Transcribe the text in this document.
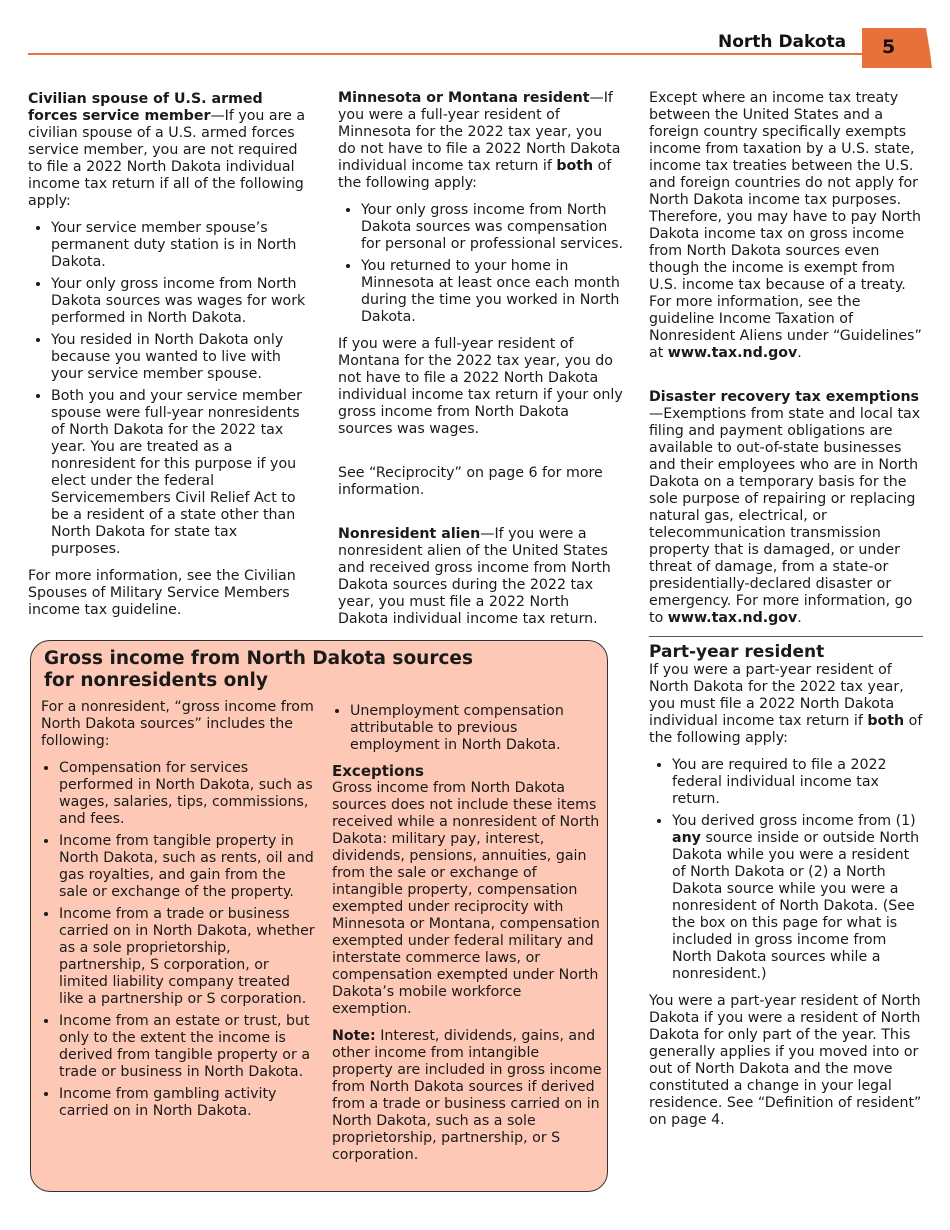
North Dakota 5

Civilian spouse of U.S. armed forces service member—If you are a civilian spouse of a U.S. armed forces service member, you are not required to file a 2022 North Dakota individual income tax return if all of the following apply:

• Your service member spouse’s permanent duty station is in North Dakota.
• Your only gross income from North Dakota sources was wages for work performed in North Dakota.
• You resided in North Dakota only because you wanted to live with your service member spouse.
• Both you and your service member spouse were full-year nonresidents of North Dakota for the 2022 tax year. You are treated as a nonresident for this purpose if you elect under the federal Servicemembers Civil Relief Act to be a resident of a state other than North Dakota for state tax purposes.

For more information, see the Civilian Spouses of Military Service Members income tax guideline.

Minnesota or Montana resident—If you were a full-year resident of Minnesota for the 2022 tax year, you do not have to file a 2022 North Dakota individual income tax return if both of the following apply:

• Your only gross income from North Dakota sources was compensation for personal or professional services.
• You returned to your home in Minnesota at least once each month during the time you worked in North Dakota.

If you were a full-year resident of Montana for the 2022 tax year, you do not have to file a 2022 North Dakota individual income tax return if your only gross income from North Dakota sources was wages.

See “Reciprocity” on page 6 for more information.

Nonresident alien—If you were a nonresident alien of the United States and received gross income from North Dakota sources during the 2022 tax year, you must file a 2022 North Dakota individual income tax return.

Except where an income tax treaty between the United States and a foreign country specifically exempts income from taxation by a U.S. state, income tax treaties between the U.S. and foreign countries do not apply for North Dakota income tax purposes. Therefore, you may have to pay North Dakota income tax on gross income from North Dakota sources even though the income is exempt from U.S. income tax because of a treaty. For more information, see the guideline Income Taxation of Nonresident Aliens under “Guidelines” at www.tax.nd.gov.

Disaster recovery tax exemptions—Exemptions from state and local tax filing and payment obligations are available to out-of-state businesses and their employees who are in North Dakota on a temporary basis for the sole purpose of repairing or replacing natural gas, electrical, or telecommunication transmission property that is damaged, or under threat of damage, from a state-or presidentially-declared disaster or emergency. For more information, go to www.tax.nd.gov.

Part-year resident

If you were a part-year resident of North Dakota for the 2022 tax year, you must file a 2022 North Dakota individual income tax return if both of the following apply:

• You are required to file a 2022 federal individual income tax return.
• You derived gross income from (1) any source inside or outside North Dakota while you were a resident of North Dakota or (2) a North Dakota source while you were a nonresident of North Dakota. (See the box on this page for what is included in gross income from North Dakota sources while a nonresident.)

You were a part-year resident of North Dakota if you were a resident of North Dakota for only part of the year. This generally applies if you moved into or out of North Dakota and the move constituted a change in your legal residence. See “Definition of resident” on page 4.

Gross income from North Dakota sources for nonresidents only

For a nonresident, “gross income from North Dakota sources” includes the following:

• Compensation for services performed in North Dakota, such as wages, salaries, tips, commissions, and fees.
• Income from tangible property in North Dakota, such as rents, oil and gas royalties, and gain from the sale or exchange of the property.
• Income from a trade or business carried on in North Dakota, whether as a sole proprietorship, partnership, S corporation, or limited liability company treated like a partnership or S corporation.
• Income from an estate or trust, but only to the extent the income is derived from tangible property or a trade or business in North Dakota.
• Income from gambling activity carried on in North Dakota.
• Unemployment compensation attributable to previous employment in North Dakota.
Exceptions

Gross income from North Dakota sources does not include these items received while a nonresident of North Dakota: military pay, interest, dividends, pensions, annuities, gain from the sale or exchange of intangible property, compensation exempted under reciprocity with Minnesota or Montana, compensation exempted under federal military and interstate commerce laws, or compensation exempted under North Dakota’s mobile workforce exemption.

Note: Interest, dividends, gains, and other income from intangible property are included in gross income from North Dakota sources if derived from a trade or business carried on in North Dakota, such as a sole proprietorship, partnership, or S corporation.
